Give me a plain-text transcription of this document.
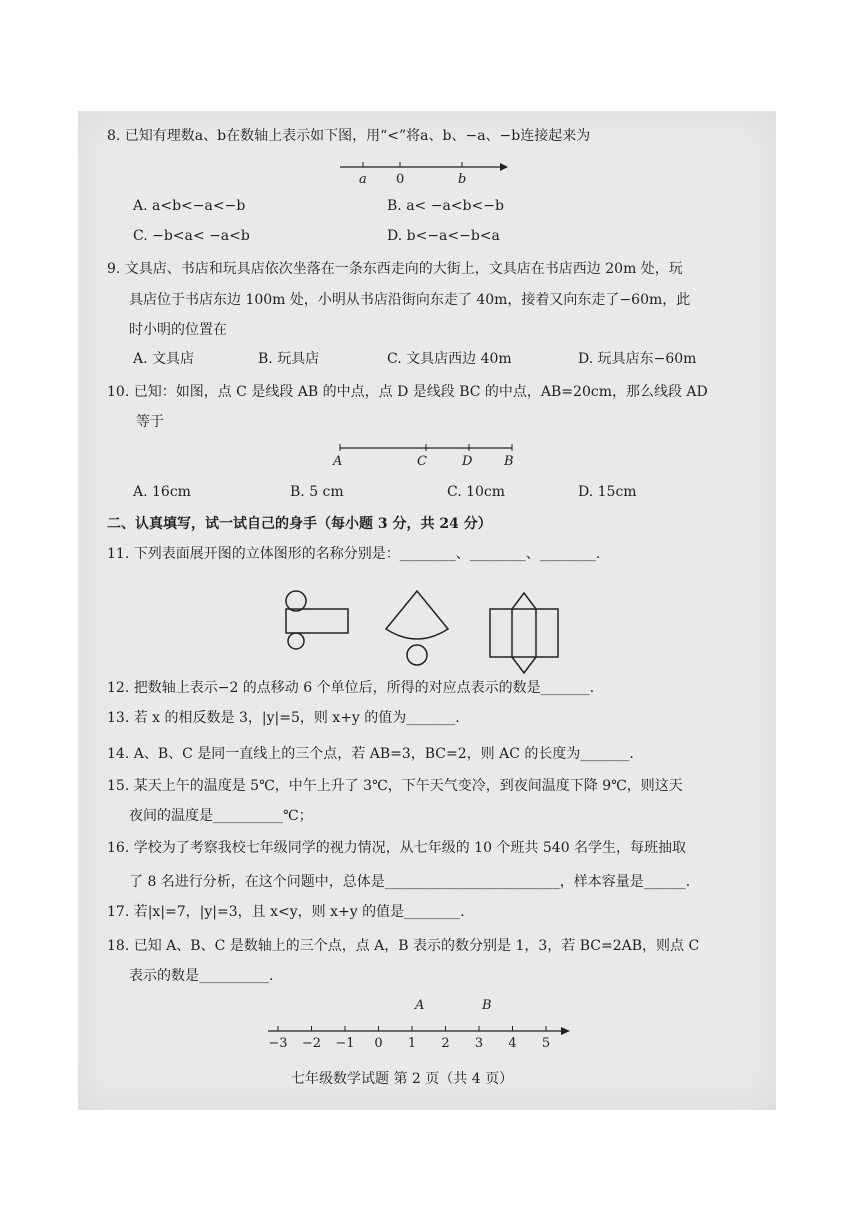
8. 已知有理数a、b在数轴上表示如下图，用“<”将a、b、−a、−b连接起来为
a 0	b
A. a<b<−a<−b	B. a< −a<b<−b
C. −b<a< −a<b	D. b<−a<−b<a
9. 文具店、书店和玩具店依次坐落在一条东西走向的大街上，文具店在书店西边 20m 处，玩
具店位于书店东边 100m 处，小明从书店沿街向东走了 40m，接着又向东走了−60m，此
时小明的位置在
A. 文具店	B. 玩具店	C. 文具店西边 40m	D. 玩具店东−60m
10. 已知：如图，点 C 是线段 AB 的中点，点 D 是线段 BC 的中点，AB=20cm，那么线段 AD
等于
A	C	D B
A. 16cm	B. 5 cm	C. 10cm	D. 15cm
二、认真填写，试一试自己的身手（每小题 3 分，共 24 分）
11. 下列表面展开图的立体图形的名称分别是：________、________、________.
12. 把数轴上表示−2 的点移动 6 个单位后，所得的对应点表示的数是_______.
13. 若 x 的相反数是 3，|y|=5，则 x+y 的值为_______.
14. A、B、C 是同一直线上的三个点，若 AB=3，BC=2，则 AC 的长度为_______.
15. 某天上午的温度是 5℃，中午上升了 3℃，下午天气变冷，到夜间温度下降 9℃，则这天
夜间的温度是__________℃；
16. 学校为了考察我校七年级同学的视力情况，从七年级的 10 个班共 540 名学生，每班抽取
了 8 名进行分析，在这个问题中，总体是_________________________，样本容量是______.
17. 若|x|=7，|y|=3，且 x<y，则 x+y 的值是________.
18. 已知 A、B、C 是数轴上的三个点，点 A，B 表示的数分别是 1，3，若 BC=2AB，则点 C
表示的数是__________.
−3 −2 −1 0 1 2 3 4 5
A	B
七年级数学试题 第 2 页（共 4 页）
